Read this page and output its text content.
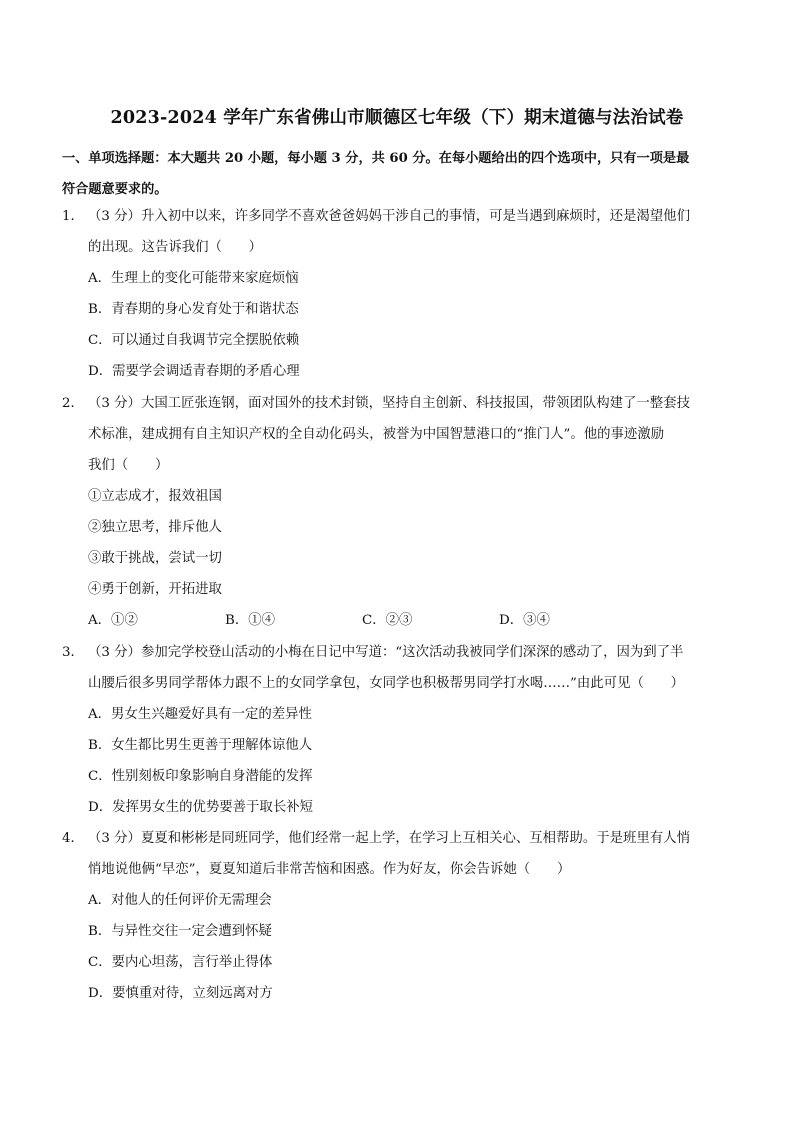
2023-2024 学年广东省佛山市顺德区七年级（下）期末道德与法治试卷
一、单项选择题：本大题共 20 小题，每小题 3 分，共 60 分。在每小题给出的四个选项中，只有一项是最
符合题意要求的。
1． （3 分）升入初中以来，许多同学不喜欢爸爸妈妈干涉自己的事情，可是当遇到麻烦时，还是渴望他们
的出现。这告诉我们（　　）
A．生理上的变化可能带来家庭烦恼
B．青春期的身心发育处于和谐状态
C．可以通过自我调节完全摆脱依赖
D．需要学会调适青春期的矛盾心理
2． （3 分）大国工匠张连钢，面对国外的技术封锁，坚持自主创新、科技报国，带领团队构建了一整套技
术标准，建成拥有自主知识产权的全自动化码头，被誉为中国智慧港口的“推门人”。他的事迹激励
我们（　　）
①立志成才，报效祖国
②独立思考，排斥他人
③敢于挑战，尝试一切
④勇于创新，开拓进取
A．①②	B．①④	C．②③	D．③④
3． （3 分）参加完学校登山活动的小梅在日记中写道：“这次活动我被同学们深深的感动了，因为到了半
山腰后很多男同学帮体力跟不上的女同学拿包，女同学也积极帮男同学打水喝……”由此可见（　　）
A．男女生兴趣爱好具有一定的差异性
B．女生都比男生更善于理解体谅他人
C．性别刻板印象影响自身潜能的发挥
D．发挥男女生的优势要善于取长补短
4． （3 分）夏夏和彬彬是同班同学，他们经常一起上学，在学习上互相关心、互相帮助。于是班里有人悄
悄地说他俩“早恋”，夏夏知道后非常苦恼和困惑。作为好友，你会告诉她（　　）
A．对他人的任何评价无需理会
B．与异性交往一定会遭到怀疑
C．要内心坦荡，言行举止得体
D．要慎重对待，立刻远离对方
